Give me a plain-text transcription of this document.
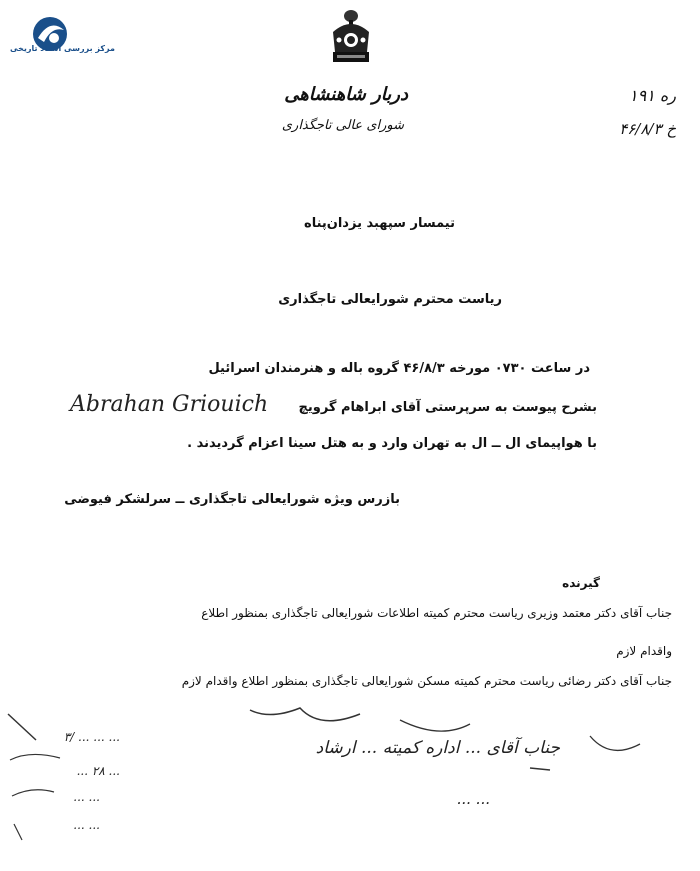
مرکز بررسی اسناد تاریخی
دربار شاهنشاهی
شورای عالی تاجگذاری
ره ۱۹۱
خ ۴۶/۸/۳
تیمسار سپهبد یزدان‌پناه
ریاست محترم شورایعالی تاجگذاری
در ساعت ۰۷۳۰ مورخه ۴۶/۸/۳ گروه باله و هنرمندان اسرائیل
بشرح پیوست به سرپرستی آقای ابراهام گرویچ
Abrahan Griouich
با هواپیمای ال ــ ال به تهران وارد و به هتل سینا اعزام گردیدند .
بازرس ویژه شورایعالی تاجگذاری ــ سرلشکر فیوضی
گیرنده
جناب آقای دکتر معتمد وزیری ریاست محترم کمیته اطلاعات شورایعالی تاجگذاری بمنظور اطلاع
واقدام لازم
جناب آقای دکتر رضائی ریاست محترم کمیته مسکن شورایعالی تاجگذاری بمنظور اطلاع واقدام لازم
جناب آقای ... اداره کمیته ... ارشاد
... ...
۳/ ... ... ...
... ۲۸ ...
... ...
... ...
